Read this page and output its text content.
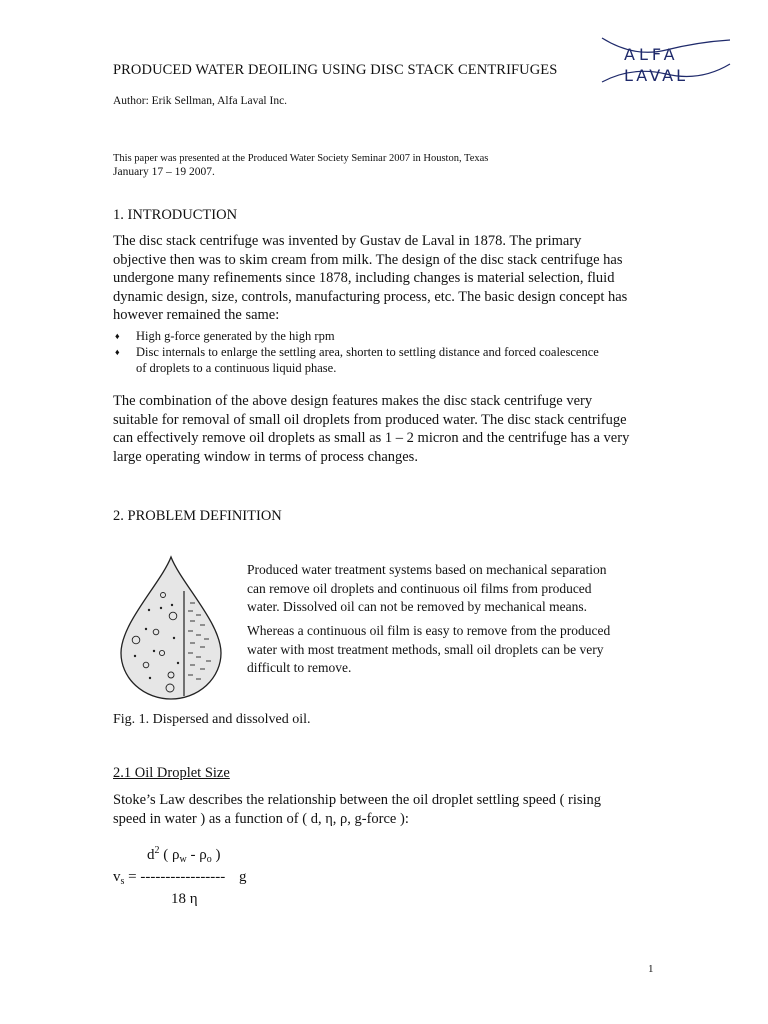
PRODUCED WATER DEOILING USING DISC STACK CENTRIFUGES
ALFA
LAVAL
Author: Erik Sellman, Alfa Laval Inc.
This paper was presented at the Produced Water Society Seminar 2007 in Houston, Texas
January 17 – 19 2007.
1. INTRODUCTION
The disc stack centrifuge was invented by Gustav de Laval in 1878. The primary
objective then was to skim cream from milk. The design of the disc stack centrifuge has
undergone many refinements since 1878, including changes is material selection, fluid
dynamic design, size, controls, manufacturing process, etc. The basic design concept has
however remained the same:
♦ High g-force generated by the high rpm
♦ Disc internals to enlarge the settling area, shorten to settling distance and forced coalescence
of droplets to a continuous liquid phase.
The combination of the above design features makes the disc stack centrifuge very
suitable for removal of small oil droplets from produced water. The disc stack centrifuge
can effectively remove oil droplets as small as 1 – 2 micron and the centrifuge has a very
large operating window in terms of process changes.
2. PROBLEM DEFINITION
Produced water treatment systems based on mechanical separation
can remove oil droplets and continuous oil films from produced
water. Dissolved oil can not be removed by mechanical means.
Whereas a continuous oil film is easy to remove from the produced
water with most treatment methods, small oil droplets can be very
difficult to remove.
Fig. 1. Dispersed and dissolved oil.
2.1 Oil Droplet Size
Stoke’s Law describes the relationship between the oil droplet settling speed ( rising
speed in water ) as a function of ( d, η, ρ, g-force ):
$d^2$ ( $\rho_w - \rho_o$ )
$v_s$ = ----------------- g
18 η
1
